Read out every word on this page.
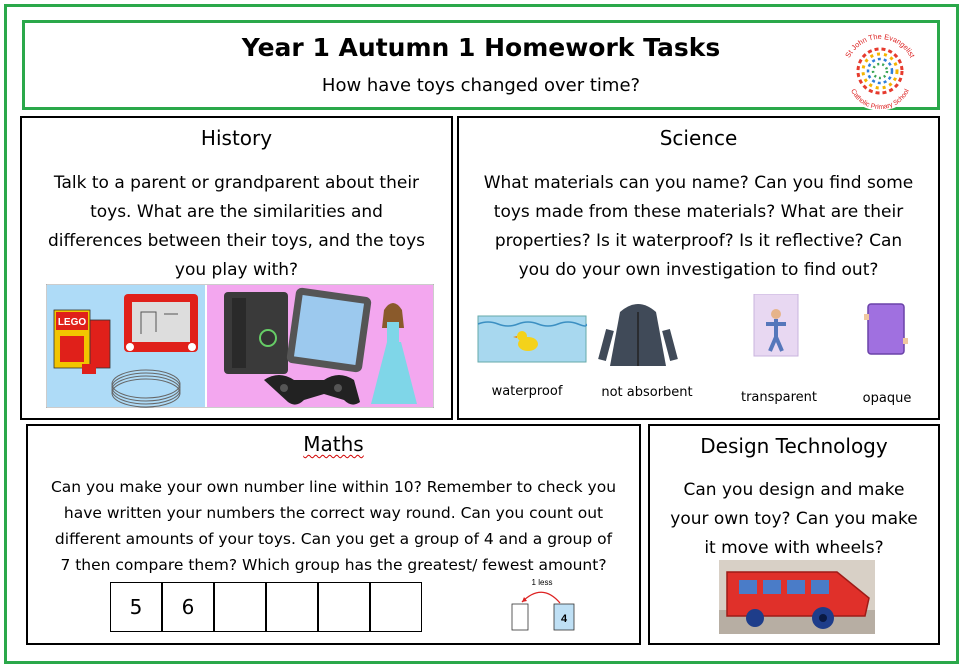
Year 1 Autumn 1 Homework Tasks
How have toys changed over time?
St John The Evangelist
Catholic Primary School
History
Talk to a parent or grandparent about their
toys. What are the similarities and
differences between their toys, and the toys
you play with?
LEGO
Science
What materials can you name? Can you find some
toys made from these materials? What are their
properties? Is it waterproof? Is it reflective? Can
you do your own investigation to find out?
waterproof	not absorbent	transparent	opaque
Maths
Can you make your own number line within 10? Remember to check you
have written your numbers the correct way round. Can you count out
different amounts of your toys. Can you get a group of 4 and a group of
7 then compare them? Which group has the greatest/ fewest amount?
5	6
1 less
4
Design Technology
Can you design and make
your own toy? Can you make
it move with wheels?
